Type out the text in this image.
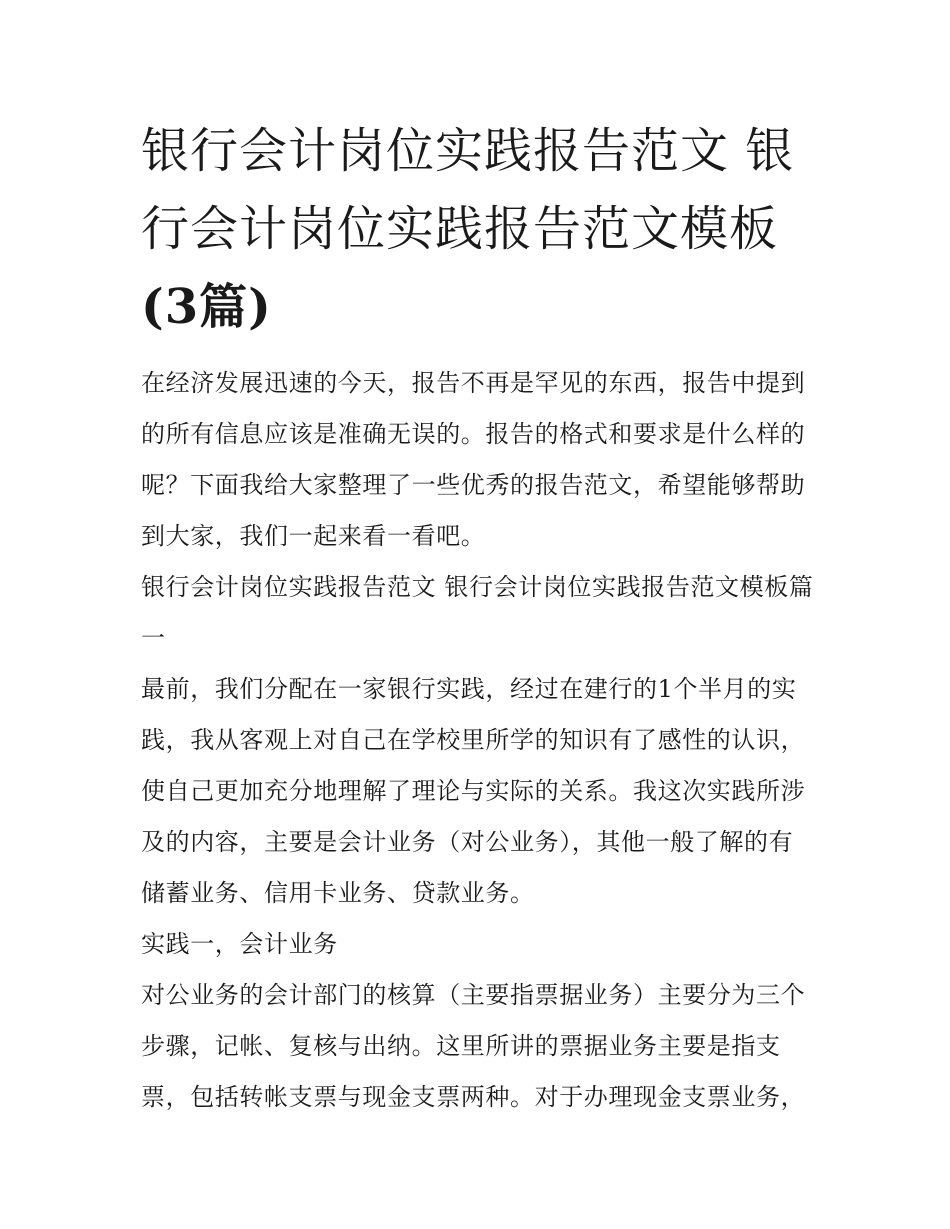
银行会计岗位实践报告范文 银行会计岗位实践报告范文模板(3篇)

在经济发展迅速的今天，报告不再是罕见的东西，报告中提到的所有信息应该是准确无误的。报告的格式和要求是什么样的呢？下面我给大家整理了一些优秀的报告范文，希望能够帮助到大家，我们一起来看一看吧。

银行会计岗位实践报告范文 银行会计岗位实践报告范文模板篇一

最前，我们分配在一家银行实践，经过在建行的1个半月的实践，我从客观上对自己在学校里所学的知识有了感性的认识，使自己更加充分地理解了理论与实际的关系。我这次实践所涉及的内容，主要是会计业务（对公业务），其他一般了解的有储蓄业务、信用卡业务、贷款业务。

实践一，会计业务

对公业务的会计部门的核算（主要指票据业务）主要分为三个步骤，记帐、复核与出纳。这里所讲的票据业务主要是指支票，包括转帐支票与现金支票两种。对于办理现金支票业务，
